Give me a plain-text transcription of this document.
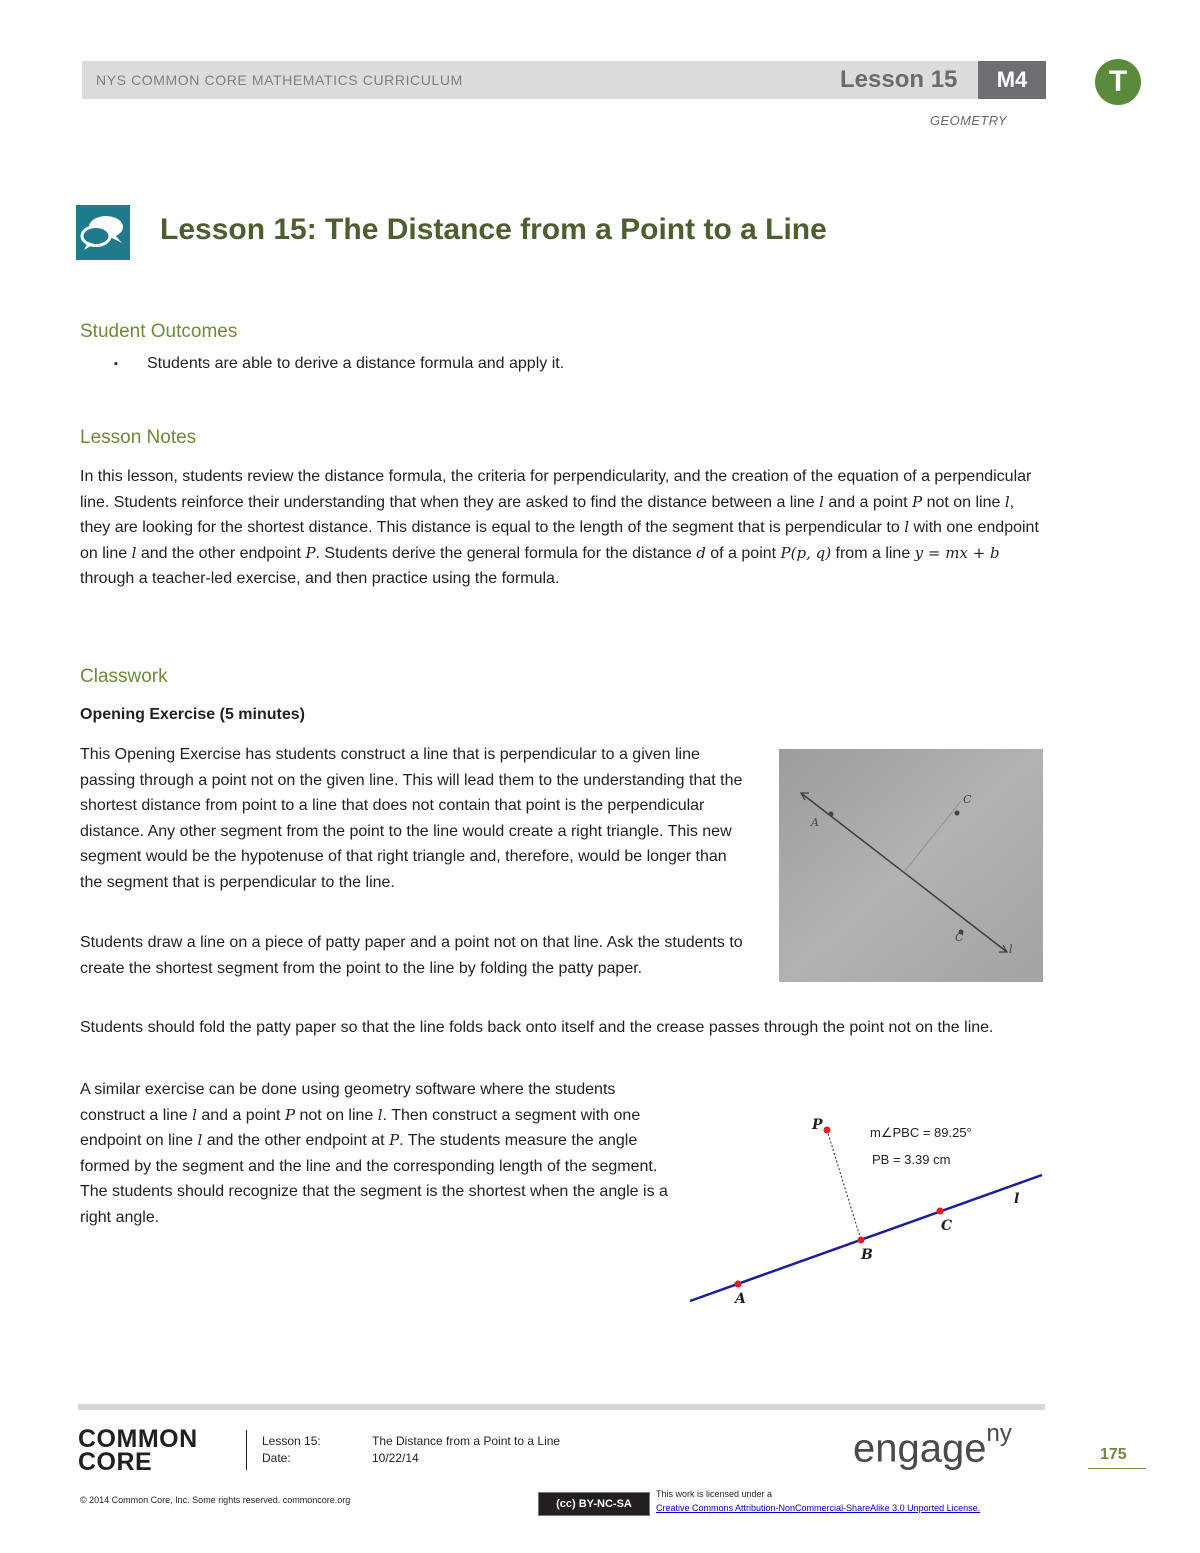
NYS COMMON CORE MATHEMATICS CURRICULUM	Lesson 15	M4	T
GEOMETRY
Lesson 15: The Distance from a Point to a Line
Student Outcomes
▪ Students are able to derive a distance formula and apply it.
Lesson Notes
In this lesson, students review the distance formula, the criteria for perpendicularity, and the creation of the equation of a perpendicular line. Students reinforce their understanding that when they are asked to find the distance between a line l and a point P not on line l, they are looking for the shortest distance. This distance is equal to the length of the segment that is perpendicular to l with one endpoint on line l and the other endpoint P. Students derive the general formula for the distance d of a point P(p, q) from a line y = mx + b through a teacher-led exercise, and then practice using the formula.
Classwork
Opening Exercise (5 minutes)
This Opening Exercise has students construct a line that is perpendicular to a given line passing through a point not on the given line. This will lead them to the understanding that the shortest distance from point to a line that does not contain that point is the perpendicular distance. Any other segment from the point to the line would create a right triangle. This new segment would be the hypotenuse of that right triangle and, therefore, would be longer than the segment that is perpendicular to the line.
Students draw a line on a piece of patty paper and a point not on that line. Ask the students to create the shortest segment from the point to the line by folding the patty paper.
Students should fold the patty paper so that the line folds back onto itself and the crease passes through the point not on the line.
A similar exercise can be done using geometry software where the students construct a line l and a point P not on line l. Then construct a segment with one endpoint on line l and the other endpoint at P. The students measure the angle formed by the segment and the line and the corresponding length of the segment. The students should recognize that the segment is the shortest when the angle is a right angle.
A
C
C
l
P
A
B
C
l
m∠PBC = 89.25°
PB = 3.39 cm
COMMON
CORE
Lesson 15:	The Distance from a Point to a Line
Date:	10/22/14	engage$^{ny}$
175
© 2014 Common Core, Inc. Some rights reserved. commoncore.org	(cc) BY-NC-SA
This work is licensed under a
Creative Commons Attribution-NonCommercial-ShareAlike 3.0 Unported License.
